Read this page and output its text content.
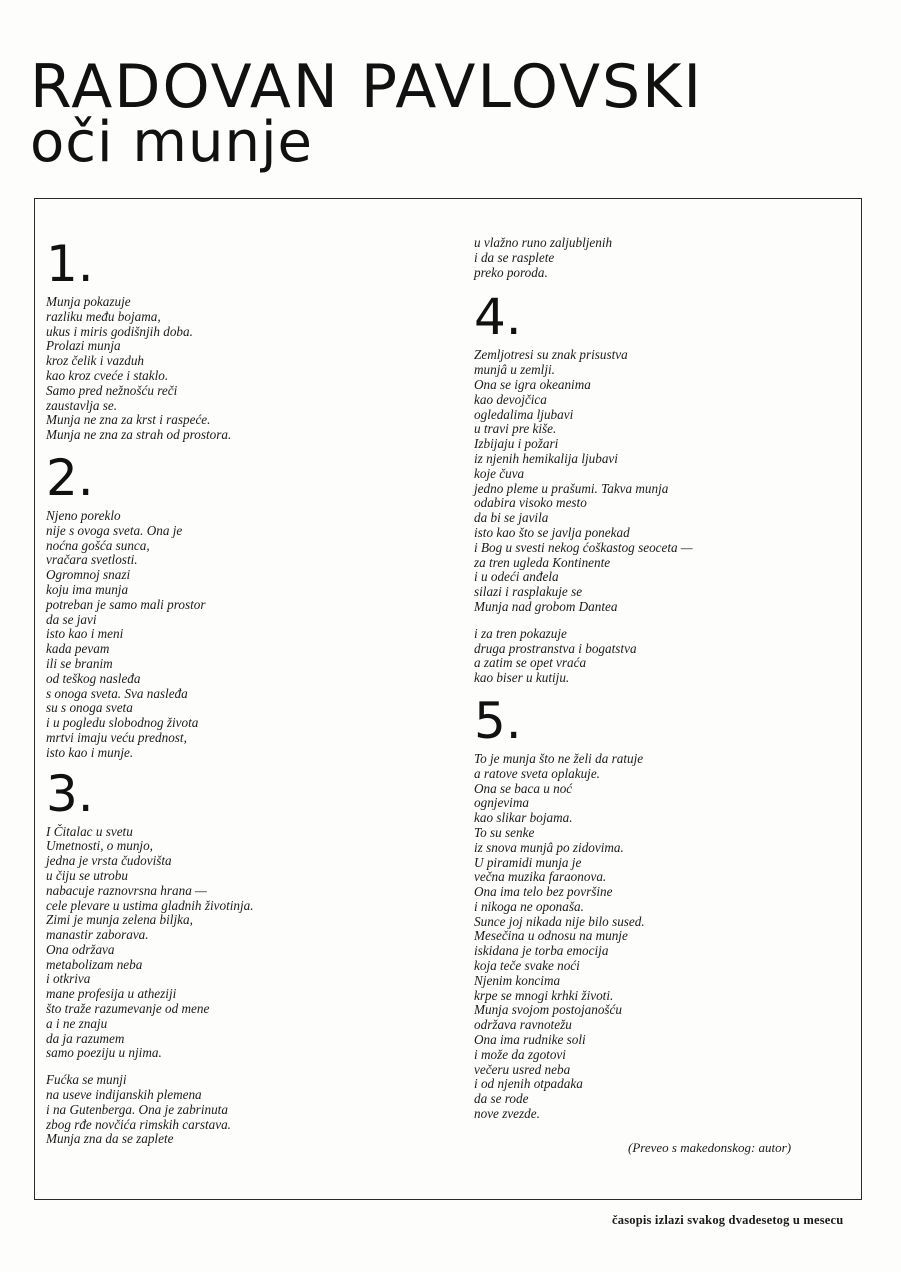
RADOVAN PAVLOVSKI
oči munje
1.
Munja pokazuje
razliku među bojama,
ukus i miris godišnjih doba.
Prolazi munja
kroz čelik i vazduh
kao kroz cveće i staklo.
Samo pred nežnošću reči
zaustavlja se.
Munja ne zna za krst i raspeće.
Munja ne zna za strah od prostora.
2.
Njeno poreklo
nije s ovoga sveta. Ona je
noćna gošća sunca,
vračara svetlosti.
Ogromnoj snazi
koju ima munja
potreban je samo mali prostor
da se javi
isto kao i meni
kada pevam
ili se branim
od teškog nasleđa
s onoga sveta. Sva nasleđa
su s onoga sveta
i u pogledu slobodnog života
mrtvi imaju veću prednost,
isto kao i munje.
3.
I Čitalac u svetu
Umetnosti, o munjo,
jedna je vrsta čudovišta
u čiju se utrobu
nabacuje raznovrsna hrana —
cele plevare u ustima gladnih životinja.
Zimi je munja zelena biljka,
manastir zaborava.
Ona održava
metabolizam neba
i otkriva
mane profesija u atheziji
što traže razumevanje od mene
a i ne znaju
da ja razumem
samo poeziju u njima.
Fućka se munji
na useve indijanskih plemena
i na Gutenberga. Ona je zabrinuta
zbog rđe novčića rimskih carstava.
Munja zna da se zaplete
u vlažno runo zaljubljenih
i da se rasplete
preko poroda.
4.
Zemljotresi su znak prisustva
munjâ u zemlji.
Ona se igra okeanima
kao devojčica
ogledalima ljubavi
u travi pre kiše.
Izbijaju i požari
iz njenih hemikalija ljubavi
koje čuva
jedno pleme u prašumi. Takva munja
odabira visoko mesto
da bi se javila
isto kao što se javlja ponekad
i Bog u svesti nekog ćoškastog seoceta —
za tren ugleda Kontinente
i u odeći anđela
silazi i rasplakuje se
Munja nad grobom Dantea
i za tren pokazuje
druga prostranstva i bogatstva
a zatim se opet vraća
kao biser u kutiju.
5.
To je munja što ne želi da ratuje
a ratove sveta oplakuje.
Ona se baca u noć
ognjevima
kao slikar bojama.
To su senke
iz snova munjâ po zidovima.
U piramidi munja je
večna muzika faraonova.
Ona ima telo bez površine
i nikoga ne oponaša.
Sunce joj nikada nije bilo sused.
Mesečina u odnosu na munje
iskidana je torba emocija
koja teče svake noći
Njenim koncima
krpe se mnogi krhki životi.
Munja svojom postojanošću
održava ravnotežu
Ona ima rudnike soli
i može da zgotovi
večeru usred neba
i od njenih otpadaka
da se rode
nove zvezde.
(Preveo s makedonskog: autor)
časopis izlazi svakog dvadesetog u mesecu
